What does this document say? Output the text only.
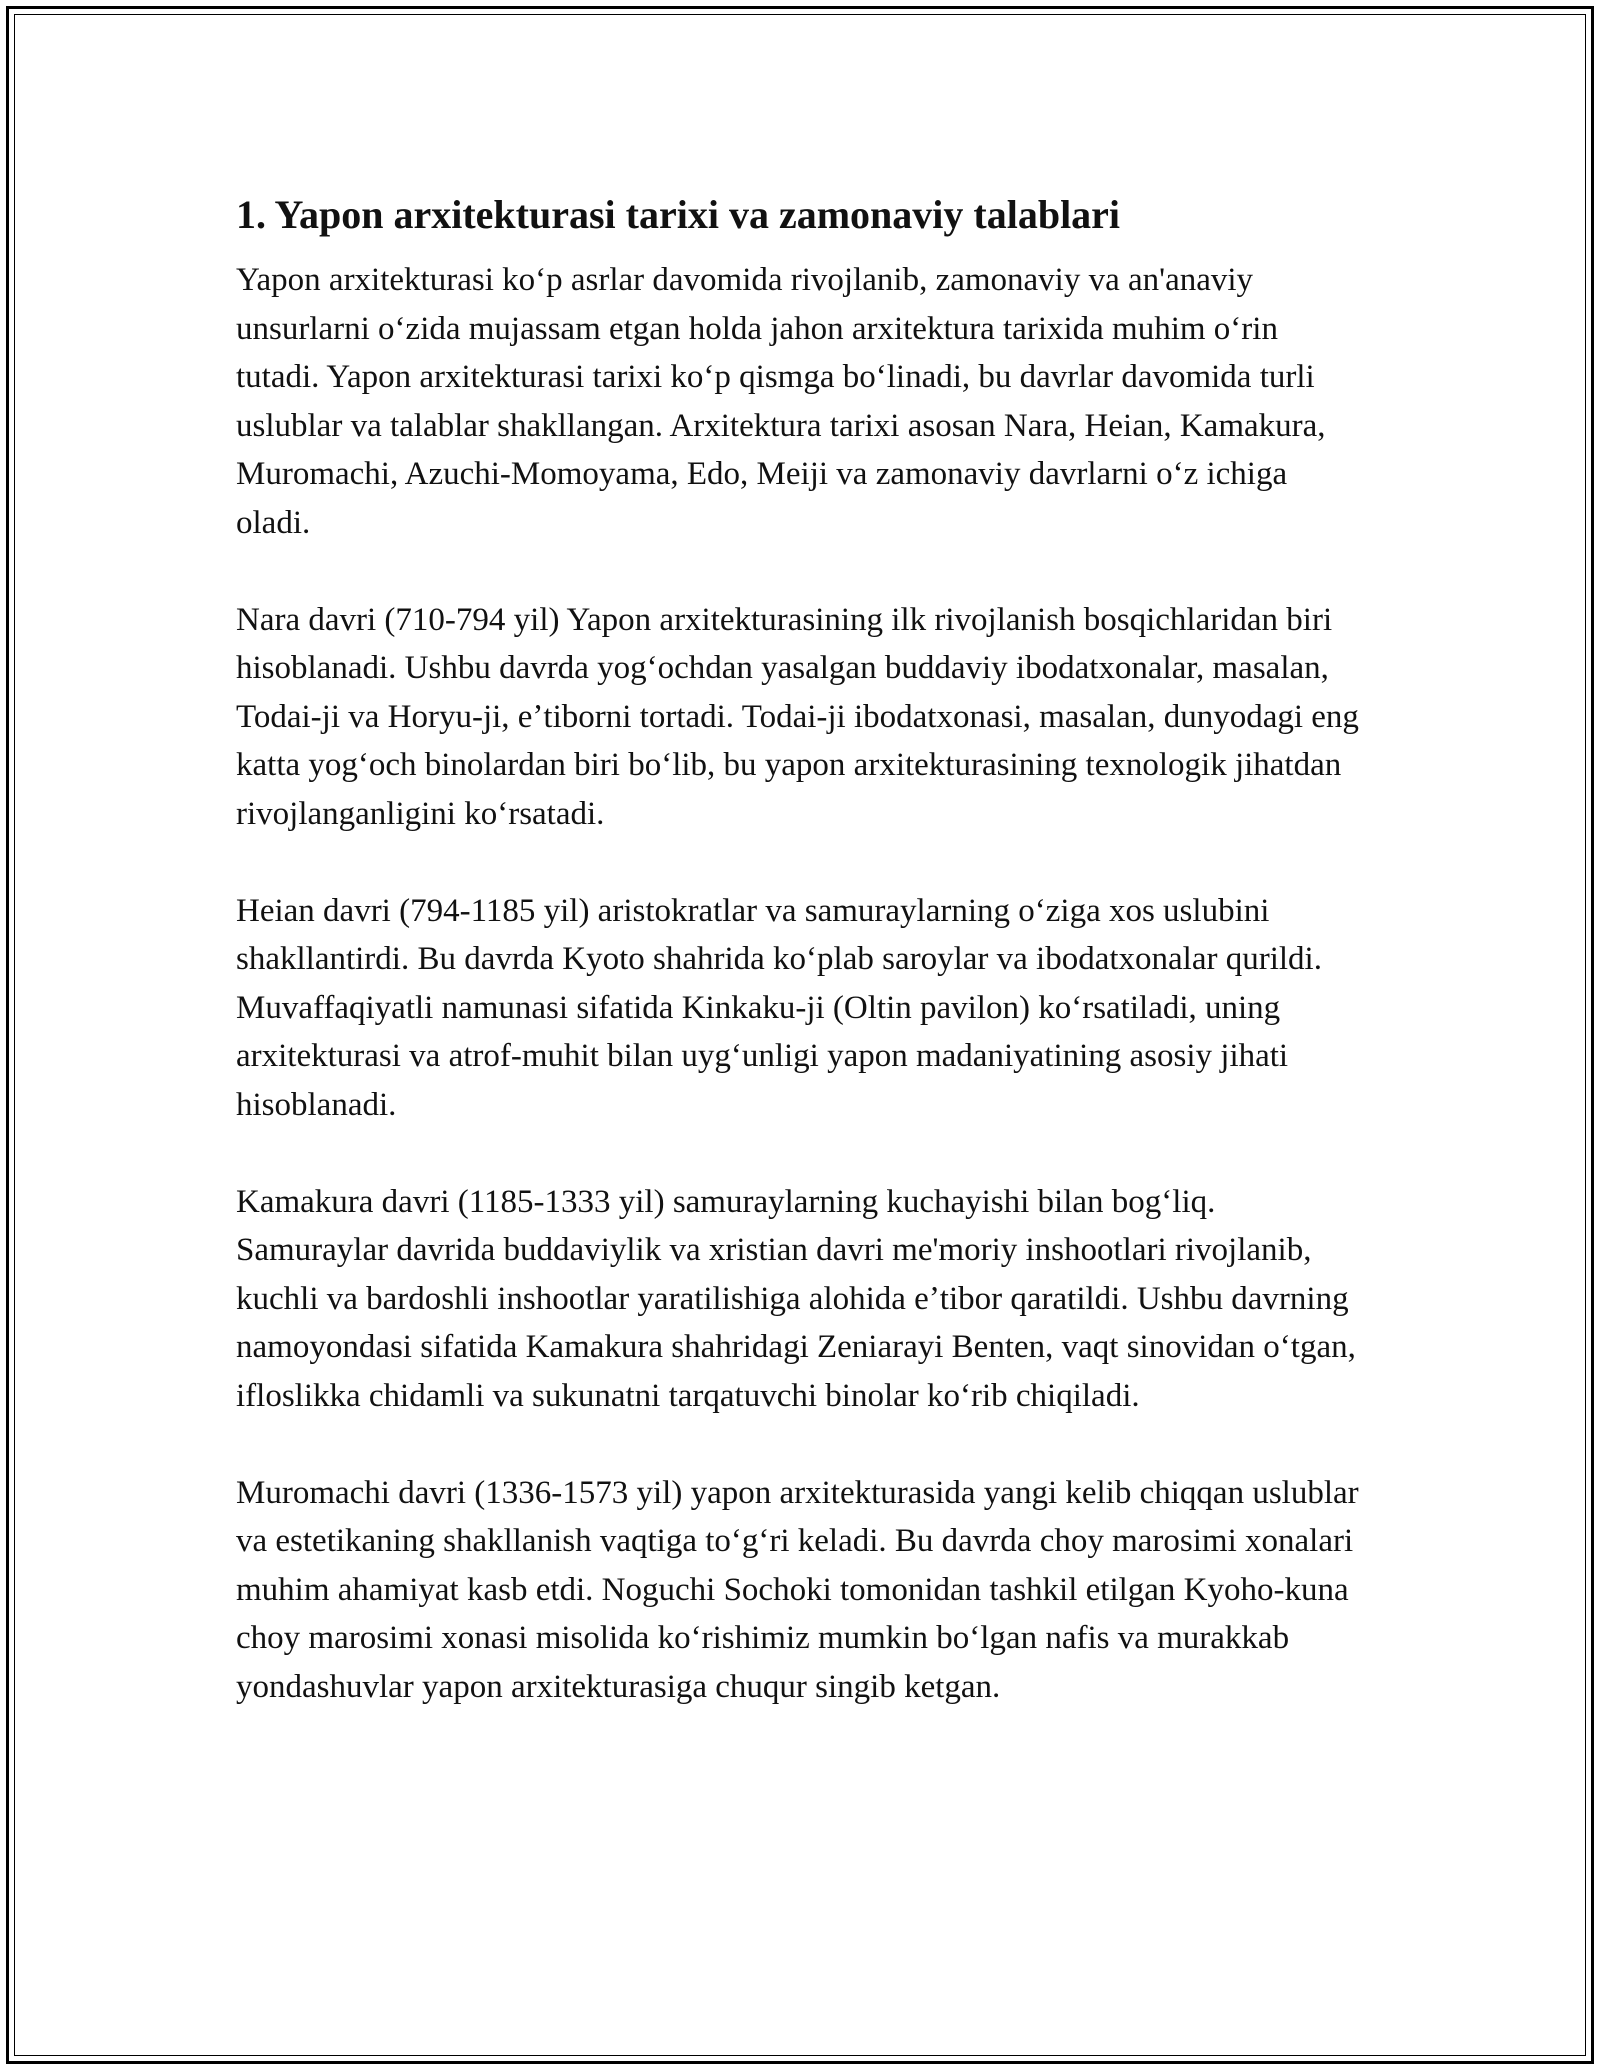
1. Yapon arxitekturasi tarixi va zamonaviy talablari

Yapon arxitekturasi koʻp asrlar davomida rivojlanib, zamonaviy va an'anaviy unsurlarni oʻzida mujassam etgan holda jahon arxitektura tarixida muhim oʻrin tutadi. Yapon arxitekturasi tarixi koʻp qismga boʻlinadi, bu davrlar davomida turli uslublar va talablar shakllangan. Arxitektura tarixi asosan Nara, Heian, Kamakura, Muromachi, Azuchi-Momoyama, Edo, Meiji va zamonaviy davrlarni oʻz ichiga oladi.

Nara davri (710-794 yil) Yapon arxitekturasining ilk rivojlanish bosqichlaridan biri hisoblanadi. Ushbu davrda yogʻochdan yasalgan buddaviy ibodatxonalar, masalan, Todai-ji va Horyu-ji, eʼtiborni tortadi. Todai-ji ibodatxonasi, masalan, dunyodagi eng katta yogʻoch binolardan biri boʻlib, bu yapon arxitekturasining texnologik jihatdan rivojlanganligini koʻrsatadi.

Heian davri (794-1185 yil) aristokratlar va samuraylarning oʻziga xos uslubini shakllantirdi. Bu davrda Kyoto shahrida koʻplab saroylar va ibodatxonalar qurildi. Muvaffaqiyatli namunasi sifatida Kinkaku-ji (Oltin pavilon) koʻrsatiladi, uning arxitekturasi va atrof-muhit bilan uygʻunligi yapon madaniyatining asosiy jihati hisoblanadi.

Kamakura davri (1185-1333 yil) samuraylarning kuchayishi bilan bogʻliq. Samuraylar davrida buddaviylik va xristian davri me'moriy inshootlari rivojlanib, kuchli va bardoshli inshootlar yaratilishiga alohida eʼtibor qaratildi. Ushbu davrning namoyondasi sifatida Kamakura shahridagi Zeniarayi Benten, vaqt sinovidan oʻtgan, ifloslikka chidamli va sukunatni tarqatuvchi binolar koʻrib chiqiladi.

Muromachi davri (1336-1573 yil) yapon arxitekturasida yangi kelib chiqqan uslublar va estetikaning shakllanish vaqtiga toʻgʻri keladi. Bu davrda choy marosimi xonalari muhim ahamiyat kasb etdi. Noguchi Sochoki tomonidan tashkil etilgan Kyoho-kuna choy marosimi xonasi misolida koʻrishimiz mumkin boʻlgan nafis va murakkab yondashuvlar yapon arxitekturasiga chuqur singib ketgan.
